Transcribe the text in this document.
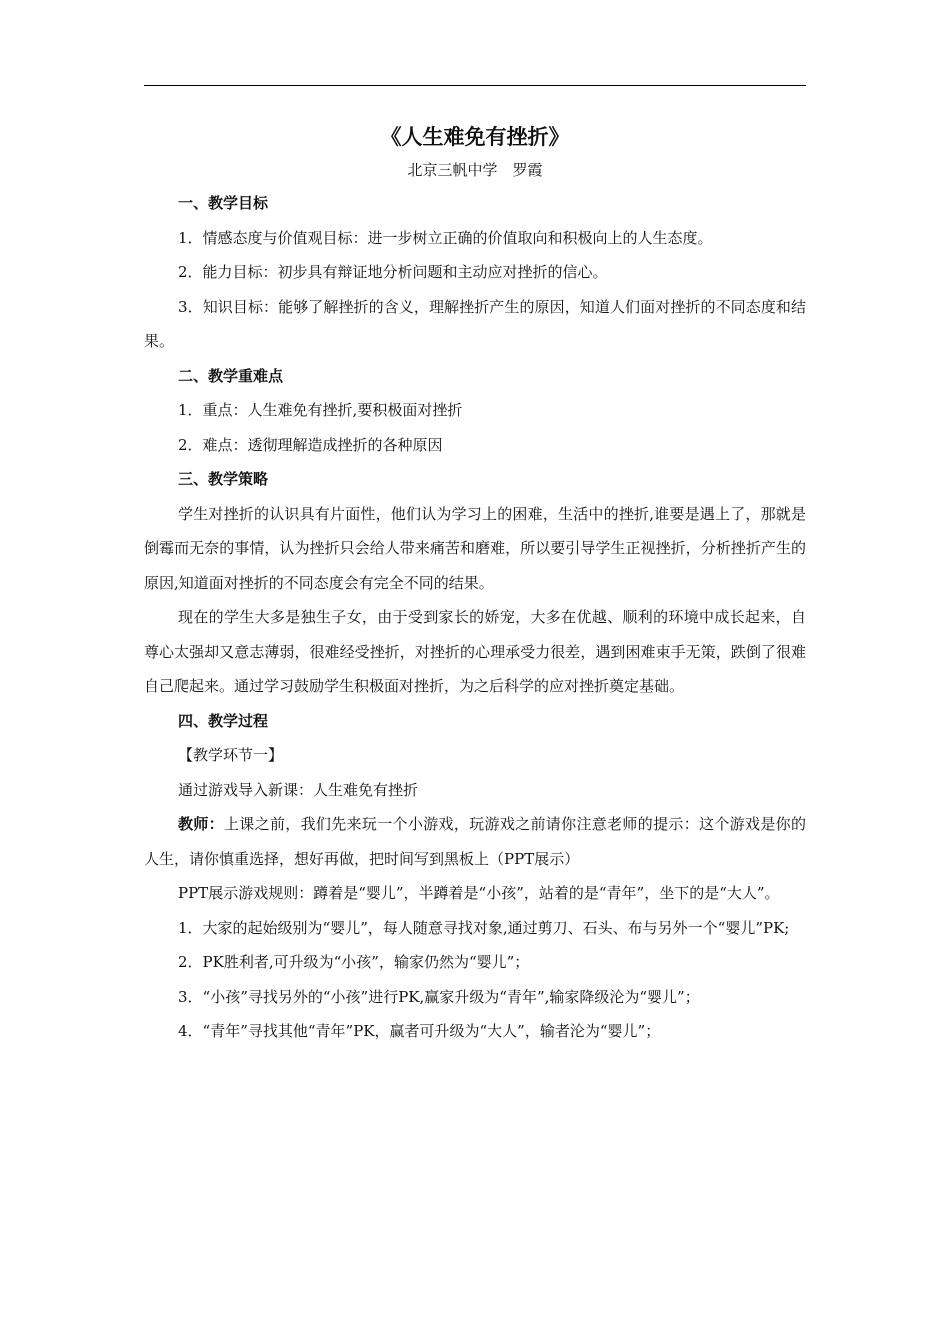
《人生难免有挫折》

北京三帆中学　罗霞

一、教学目标

1．情感态度与价值观目标：进一步树立正确的价值取向和积极向上的人生态度。

2．能力目标：初步具有辩证地分析问题和主动应对挫折的信心。

3．知识目标：能够了解挫折的含义，理解挫折产生的原因，知道人们面对挫折的不同态度和结果。

二、教学重难点

1．重点：人生难免有挫折,要积极面对挫折

2．难点：透彻理解造成挫折的各种原因

三、教学策略

学生对挫折的认识具有片面性，他们认为学习上的困难，生活中的挫折,谁要是遇上了，那就是倒霉而无奈的事情，认为挫折只会给人带来痛苦和磨难，所以要引导学生正视挫折，分析挫折产生的原因,知道面对挫折的不同态度会有完全不同的结果。

现在的学生大多是独生子女，由于受到家长的娇宠，大多在优越、顺利的环境中成长起来，自尊心太强却又意志薄弱，很难经受挫折，对挫折的心理承受力很差，遇到困难束手无策，跌倒了很难自己爬起来。通过学习鼓励学生积极面对挫折，为之后科学的应对挫折奠定基础。

四、教学过程

【教学环节一】

通过游戏导入新课：人生难免有挫折

教师：上课之前，我们先来玩一个小游戏，玩游戏之前请你注意老师的提示：这个游戏是你的人生，请你慎重选择，想好再做，把时间写到黑板上（PPT展示）

PPT展示游戏规则：蹲着是“婴儿”，半蹲着是“小孩”，站着的是“青年”，坐下的是“大人”。

1．大家的起始级别为“婴儿”，每人随意寻找对象,通过剪刀、石头、布与另外一个“婴儿”PK;

2．PK胜利者,可升级为“小孩”，输家仍然为“婴儿”；

3．“小孩”寻找另外的“小孩”进行PK,赢家升级为“青年”,输家降级沦为“婴儿”；

4．“青年”寻找其他“青年”PK，赢者可升级为“大人”，输者沦为“婴儿”；
